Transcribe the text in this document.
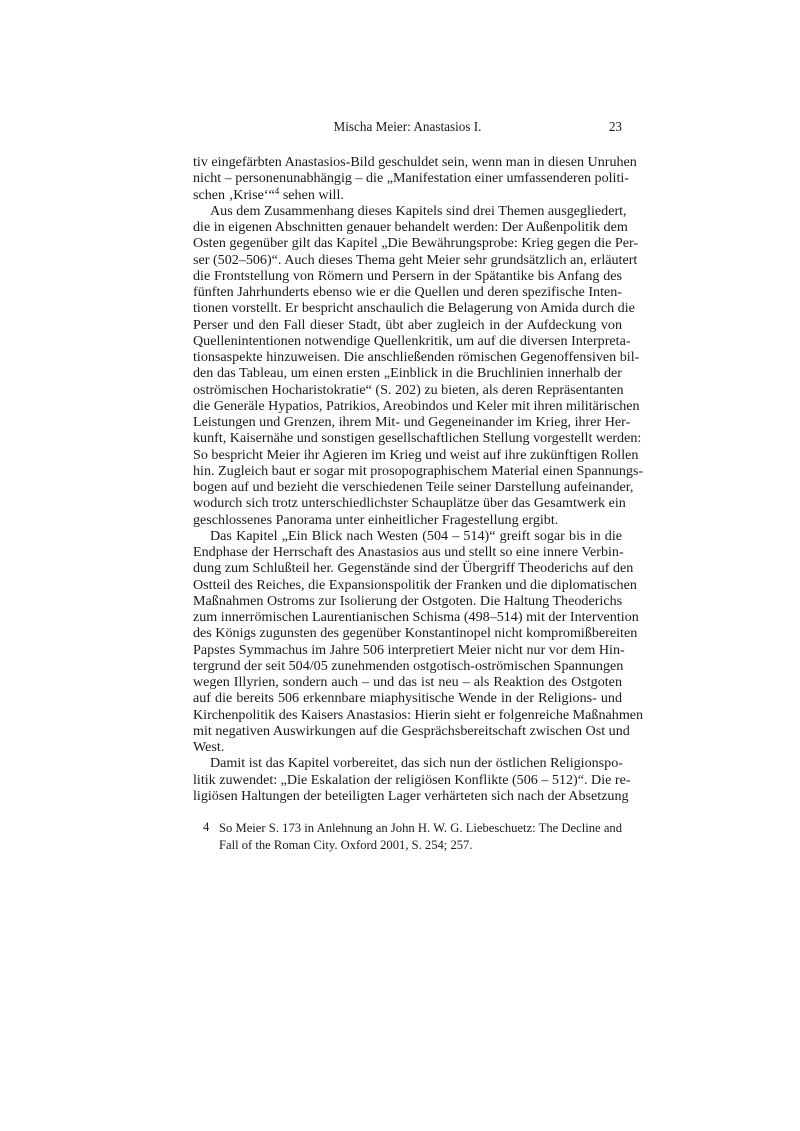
Mischa Meier: Anastasios I.	23
tiv eingefärbten Anastasios-Bild geschuldet sein, wenn man in diesen Unruhen
nicht – personenunabhängig – die „Manifestation einer umfassenderen politi-
schen ‚Krise‘“$^4$ sehen will.
Aus dem Zusammenhang dieses Kapitels sind drei Themen ausgegliedert,
die in eigenen Abschnitten genauer behandelt werden: Der Außenpolitik dem
Osten gegenüber gilt das Kapitel „Die Bewährungsprobe: Krieg gegen die Per-
ser (502–506)“. Auch dieses Thema geht Meier sehr grundsätzlich an, erläutert
die Frontstellung von Römern und Persern in der Spätantike bis Anfang des
fünften Jahrhunderts ebenso wie er die Quellen und deren spezifische Inten-
tionen vorstellt. Er bespricht anschaulich die Belagerung von Amida durch die
Perser und den Fall dieser Stadt, übt aber zugleich in der Aufdeckung von
Quellenintentionen notwendige Quellenkritik, um auf die diversen Interpreta-
tionsaspekte hinzuweisen. Die anschließenden römischen Gegenoffensiven bil-
den das Tableau, um einen ersten „Einblick in die Bruchlinien innerhalb der
oströmischen Hocharistokratie“ (S. 202) zu bieten, als deren Repräsentanten
die Generäle Hypatios, Patrikios, Areobindos und Keler mit ihren militärischen
Leistungen und Grenzen, ihrem Mit- und Gegeneinander im Krieg, ihrer Her-
kunft, Kaisernähe und sonstigen gesellschaftlichen Stellung vorgestellt werden:
So bespricht Meier ihr Agieren im Krieg und weist auf ihre zukünftigen Rollen
hin. Zugleich baut er sogar mit prosopographischem Material einen Spannungs-
bogen auf und bezieht die verschiedenen Teile seiner Darstellung aufeinander,
wodurch sich trotz unterschiedlichster Schauplätze über das Gesamtwerk ein
geschlossenes Panorama unter einheitlicher Fragestellung ergibt.
Das Kapitel „Ein Blick nach Westen (504 – 514)“ greift sogar bis in die
Endphase der Herrschaft des Anastasios aus und stellt so eine innere Verbin-
dung zum Schlußteil her. Gegenstände sind der Übergriff Theoderichs auf den
Ostteil des Reiches, die Expansionspolitik der Franken und die diplomatischen
Maßnahmen Ostroms zur Isolierung der Ostgoten. Die Haltung Theoderichs
zum innerrömischen Laurentianischen Schisma (498–514) mit der Intervention
des Königs zugunsten des gegenüber Konstantinopel nicht kompromißbereiten
Papstes Symmachus im Jahre 506 interpretiert Meier nicht nur vor dem Hin-
tergrund der seit 504/05 zunehmenden ostgotisch-oströmischen Spannungen
wegen Illyrien, sondern auch – und das ist neu – als Reaktion des Ostgoten
auf die bereits 506 erkennbare miaphysitische Wende in der Religions- und
Kirchenpolitik des Kaisers Anastasios: Hierin sieht er folgenreiche Maßnahmen
mit negativen Auswirkungen auf die Gesprächsbereitschaft zwischen Ost und
West.
Damit ist das Kapitel vorbereitet, das sich nun der östlichen Religionspo-
litik zuwendet: „Die Eskalation der religiösen Konflikte (506 – 512)“. Die re-
ligiösen Haltungen der beteiligten Lager verhärteten sich nach der Absetzung
4 So Meier S. 173 in Anlehnung an John H. W. G. Liebeschuetz: The Decline and
Fall of the Roman City. Oxford 2001, S. 254; 257.
